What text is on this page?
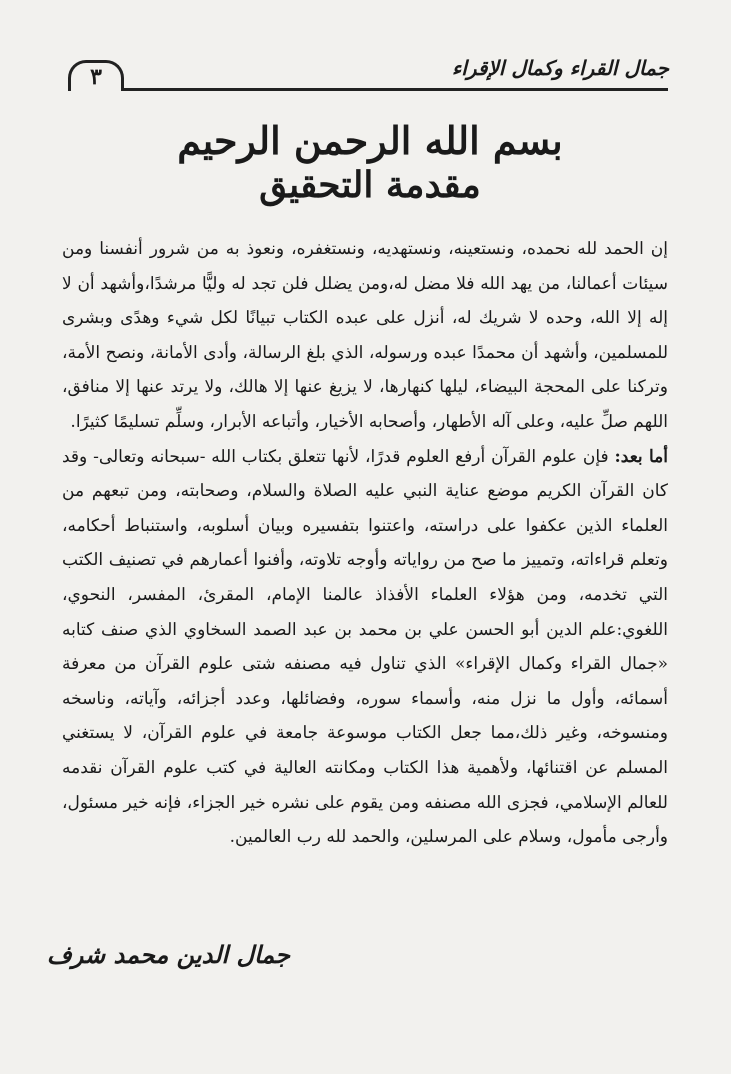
٣	جمال القراء وكمال الإقراء
بسم الله الرحمن الرحيم
مقدمة التحقيق

إن الحمد لله نحمده، ونستعينه، ونستهديه، ونستغفره، ونعوذ به من شرور أنفسنا ومن سيئات أعمالنا، من يهد الله فلا مضل له،ومن يضلل فلن تجد له وليًّا مرشدًا،وأشهد أن لا إله إلا الله، وحده لا شريك له، أنزل على عبده الكتاب تبيانًا لكل شيء وهدًى وبشرى للمسلمين، وأشهد أن محمدًا عبده ورسوله، الذي بلغ الرسالة، وأدى الأمانة، ونصح الأمة، وتركنا على المحجة البيضاء، ليلها كنهارها، لا يزيغ عنها إلا هالك، ولا يرتد عنها إلا منافق، اللهم صلِّ عليه، وعلى آله الأطهار، وأصحابه الأخيار، وأتباعه الأبرار، وسلِّم تسليمًا كثيرًا.

أما بعد: فإن علوم القرآن أرفع العلوم قدرًا، لأنها تتعلق بكتاب الله -سبحانه وتعالى- وقد كان القرآن الكريم موضع عناية النبي عليه الصلاة والسلام، وصحابته، ومن تبعهم من العلماء الذين عكفوا على دراسته، واعتنوا بتفسيره وبيان أسلوبه، واستنباط أحكامه، وتعلم قراءاته، وتمييز ما صح من رواياته وأوجه تلاوته، وأفنوا أعمارهم في تصنيف الكتب التي تخدمه، ومن هؤلاء العلماء الأفذاذ عالمنا الإمام، المقرئ، المفسر، النحوي، اللغوي:علم الدين أبو الحسن علي بن محمد بن عبد الصمد السخاوي الذي صنف كتابه «جمال القراء وكمال الإقراء» الذي تناول فيه مصنفه شتى علوم القرآن من معرفة أسمائه، وأول ما نزل منه، وأسماء سوره، وفضائلها، وعدد أجزائه، وآياته، وناسخه ومنسوخه، وغير ذلك،مما جعل الكتاب موسوعة جامعة في علوم القرآن، لا يستغني المسلم عن اقتنائها، ولأهمية هذا الكتاب ومكانته العالية في كتب علوم القرآن نقدمه للعالم الإسلامي، فجزى الله مصنفه ومن يقوم على نشره خير الجزاء، فإنه خير مسئول، وأرجى مأمول، وسلام على المرسلين، والحمد لله رب العالمين.

جمال الدين محمد شرف
